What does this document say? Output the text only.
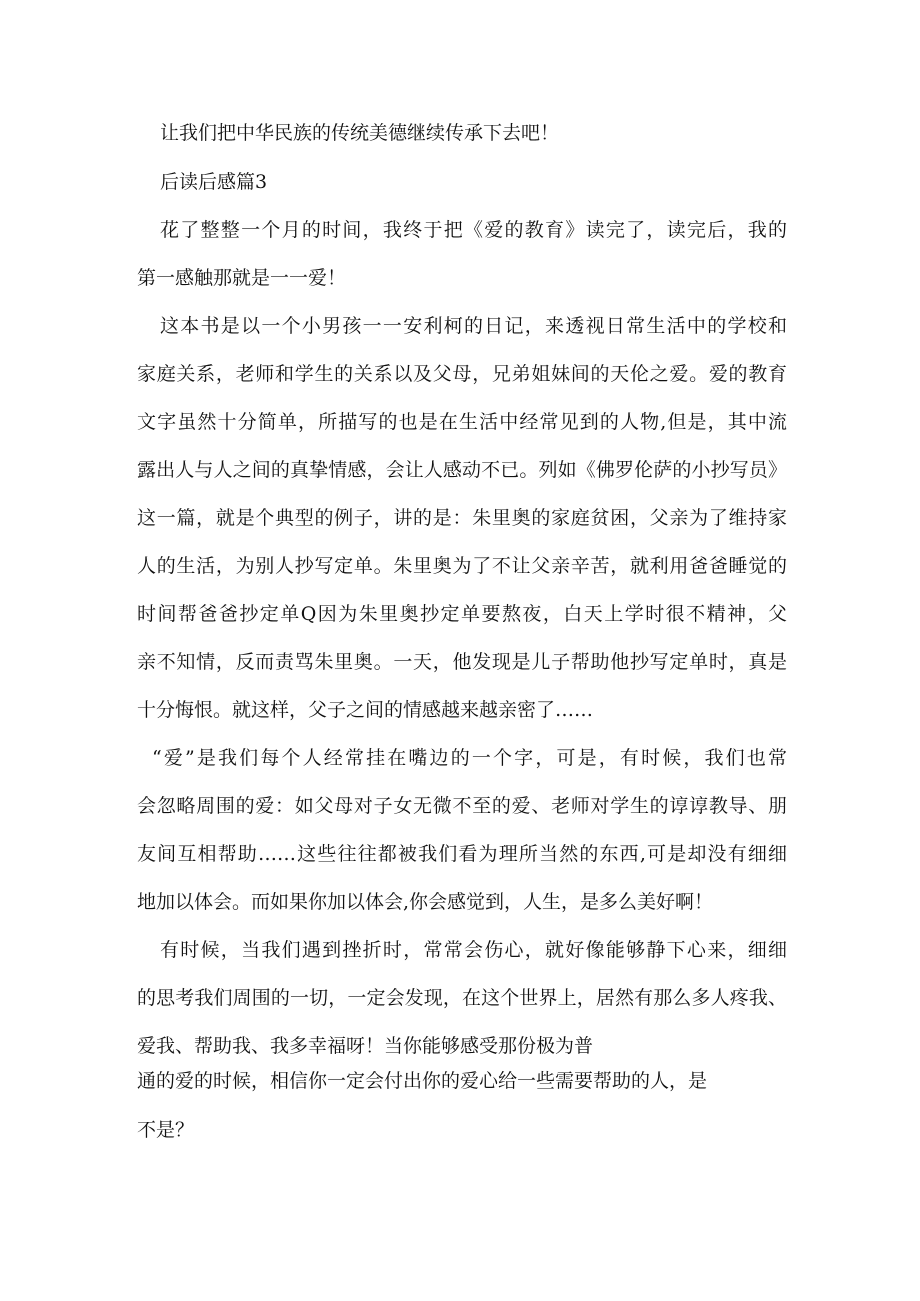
让我们把中华民族的传统美德继续传承下去吧！
后读后感篇3
花了整整一个月的时间，我终于把《爱的教育》读完了，读完后，我的
第一感触那就是一一爱！
这本书是以一个小男孩一一安利柯的日记，来透视日常生活中的学校和
家庭关系，老师和学生的关系以及父母，兄弟姐妹间的天伦之爱。爱的教育
文字虽然十分简单，所描写的也是在生活中经常见到的人物,但是，其中流
露出人与人之间的真挚情感，会让人感动不已。列如《佛罗伦萨的小抄写员》
这一篇，就是个典型的例子，讲的是：朱里奥的家庭贫困，父亲为了维持家
人的生活，为别人抄写定单。朱里奥为了不让父亲辛苦，就利用爸爸睡觉的
时间帮爸爸抄定单Q因为朱里奥抄定单要熬夜，白天上学时很不精神，父
亲不知情，反而责骂朱里奥。一天，他发现是儿子帮助他抄写定单时，真是
十分悔恨。就这样，父子之间的情感越来越亲密了……
“爱”是我们每个人经常挂在嘴边的一个字，可是，有时候，我们也常
会忽略周围的爱：如父母对子女无微不至的爱、老师对学生的谆谆教导、朋
友间互相帮助……这些往往都被我们看为理所当然的东西,可是却没有细细
地加以体会。而如果你加以体会,你会感觉到，人生，是多么美好啊！
有时候，当我们遇到挫折时，常常会伤心，就好像能够静下心来，细细
的思考我们周围的一切，一定会发现，在这个世界上，居然有那么多人疼我、
爱我、帮助我、我多幸福呀！当你能够感受那份极为普
通的爱的时候，相信你一定会付出你的爱心给一些需要帮助的人，是
不是？
